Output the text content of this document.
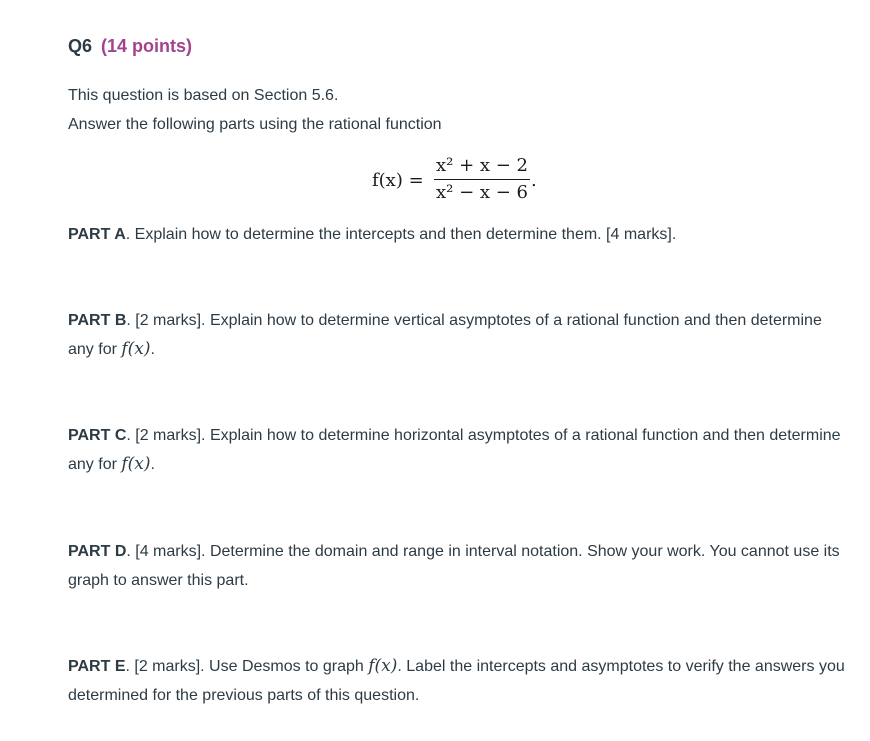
Q6 (14 points)
This question is based on Section 5.6.
Answer the following parts using the rational function
f(x) =
x² + x − 2
x² − x − 6
.
PART A. Explain how to determine the intercepts and then determine them. [4 marks].
PART B. [2 marks]. Explain how to determine vertical asymptotes of a rational function and then determine any for f(x).
PART C. [2 marks]. Explain how to determine horizontal asymptotes of a rational function and then determine any for f(x).
PART D. [4 marks]. Determine the domain and range in interval notation. Show your work. You cannot use its graph to answer this part.
PART E. [2 marks]. Use Desmos to graph f(x). Label the intercepts and asymptotes to verify the answers you determined for the previous parts of this question.
